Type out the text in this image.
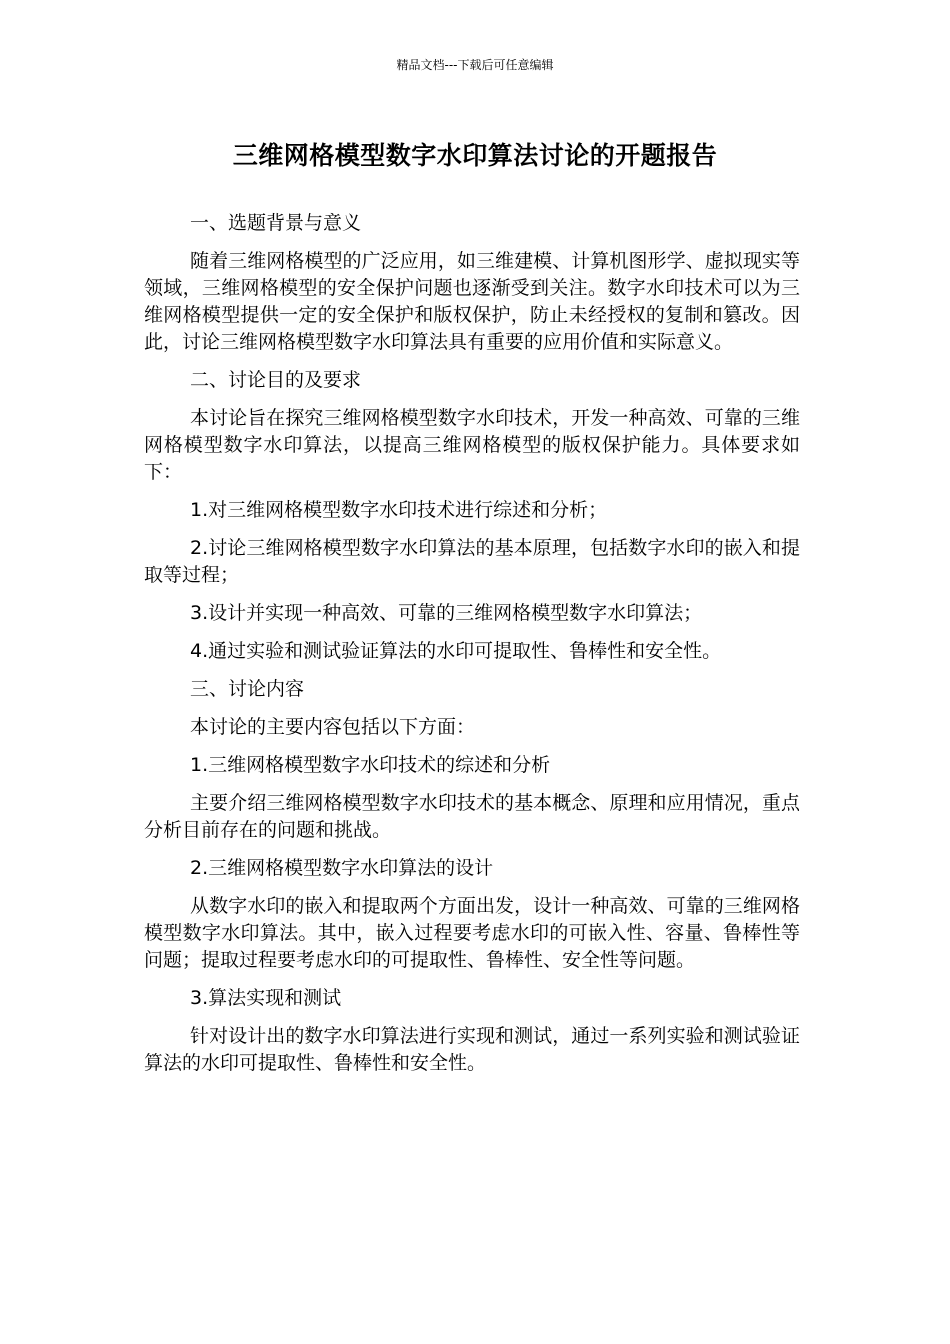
精品文档---下载后可任意编辑
三维网格模型数字水印算法讨论的开题报告

一、选题背景与意义

随着三维网格模型的广泛应用，如三维建模、计算机图形学、虚拟现实等领域，三维网格模型的安全保护问题也逐渐受到关注。数字水印技术可以为三维网格模型提供一定的安全保护和版权保护，防止未经授权的复制和篡改。因此，讨论三维网格模型数字水印算法具有重要的应用价值和实际意义。

二、讨论目的及要求

本讨论旨在探究三维网格模型数字水印技术，开发一种高效、可靠的三维网格模型数字水印算法，以提高三维网格模型的版权保护能力。具体要求如下：

1.对三维网格模型数字水印技术进行综述和分析；

2.讨论三维网格模型数字水印算法的基本原理，包括数字水印的嵌入和提取等过程；

3.设计并实现一种高效、可靠的三维网格模型数字水印算法；

4.通过实验和测试验证算法的水印可提取性、鲁棒性和安全性。

三、讨论内容

本讨论的主要内容包括以下方面：

1.三维网格模型数字水印技术的综述和分析

主要介绍三维网格模型数字水印技术的基本概念、原理和应用情况，重点分析目前存在的问题和挑战。

2.三维网格模型数字水印算法的设计

从数字水印的嵌入和提取两个方面出发，设计一种高效、可靠的三维网格模型数字水印算法。其中，嵌入过程要考虑水印的可嵌入性、容量、鲁棒性等问题；提取过程要考虑水印的可提取性、鲁棒性、安全性等问题。

3.算法实现和测试

针对设计出的数字水印算法进行实现和测试，通过一系列实验和测试验证算法的水印可提取性、鲁棒性和安全性。
